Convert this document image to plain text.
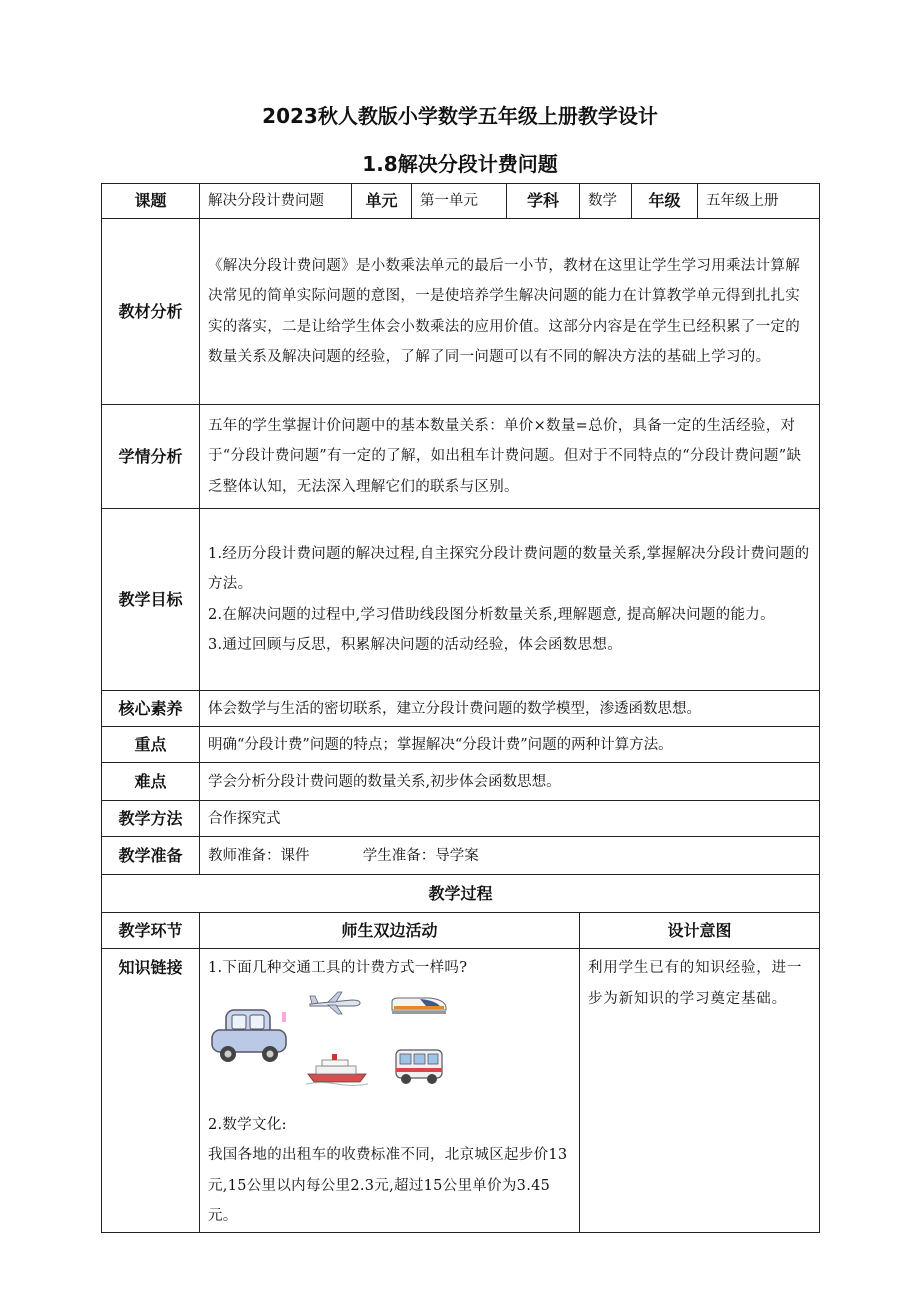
2023秋人教版小学数学五年级上册教学设计
1.8解决分段计费问题
课题	解决分段计费问题	单元	第一单元	学科	数学	年级	五年级上册
教材分析	《解决分段计费问题》是小数乘法单元的最后一小节，教材在这里让学生学习用乘法计算解决常见的简单实际问题的意图，一是使培养学生解决问题的能力在计算教学单元得到扎扎实实的落实，二是让给学生体会小数乘法的应用价值。这部分内容是在学生已经积累了一定的数量关系及解决问题的经验，了解了同一问题可以有不同的解决方法的基础上学习的。						
学情分析	五年的学生掌握计价问题中的基本数量关系：单价×数量=总价，具备一定的生活经验，对于“分段计费问题”有一定的了解，如出租车计费问题。但对于不同特点的“分段计费问题”缺乏整体认知，无法深入理解它们的联系与区别。						
教学目标	1.经历分段计费问题的解决过程,自主探究分段计费问题的数量关系,掌握解决分段计费问题的方法。
2.在解决问题的过程中,学习借助线段图分析数量关系,理解题意, 提高解决问题的能力。
3.通过回顾与反思，积累解决问题的活动经验，体会函数思想。						

核心素养	体会数学与生活的密切联系，建立分段计费问题的数学模型，渗透函数思想。						
重点	明确“分段计费”问题的特点；掌握解决“分段计费”问题的两种计算方法。						
难点	学会分析分段计费问题的数量关系,初步体会函数思想。						
教学方法	合作探究式						
教学准备	教师准备：课件 学生准备：导学案						
教学过程							
教学环节	师生双边活动				设计意图		
知识链接	1.下面几种交通工具的计费方式一样吗?
2.数学文化:
我国各地的出租车的收费标准不同，北京城区起步价13元,15公里以内每公里2.3元,超过15公里单价为3.45元。				利用学生已有的知识经验，进一步为新知识的学习奠定基础。		
